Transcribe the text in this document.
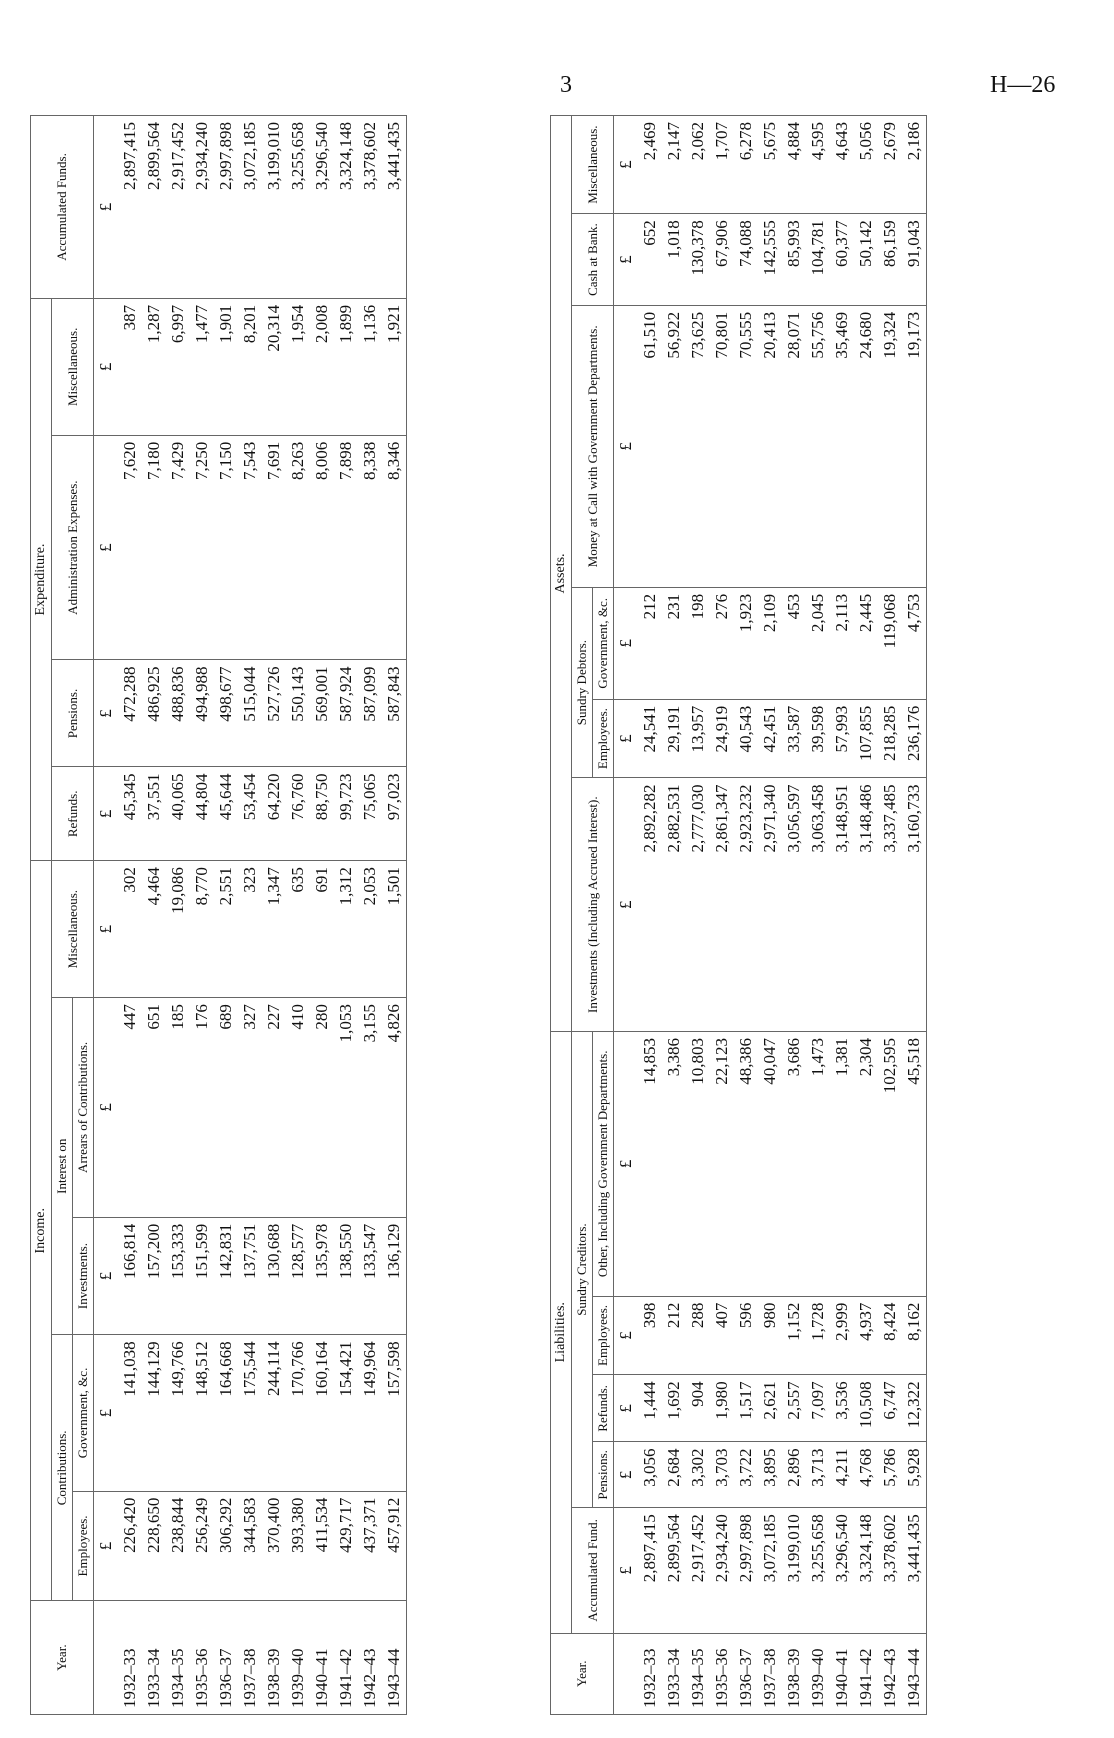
3	H—26
Year.	Income.					Expenditure.				Accumulated Funds.
	Contributions.		Interest on		Miscellaneous.	Refunds.	Pensions.	Administration Expenses.	Miscellaneous.	
	Employees.	Government, &c.	Investments.	Arrears of Contributions.						
	£	£	£	£	£	£	£	£	£	£
1932–33	226,420	141,038	166,814	447	302	45,345	472,288	7,620	387	2,897,415
1933–34	228,650	144,129	157,200	651	4,464	37,551	486,925	7,180	1,287	2,899,564
1934–35	238,844	149,766	153,333	185	19,086	40,065	488,836	7,429	6,997	2,917,452
1935–36	256,249	148,512	151,599	176	8,770	44,804	494,988	7,250	1,477	2,934,240
1936–37	306,292	164,668	142,831	689	2,551	45,644	498,677	7,150	1,901	2,997,898
1937–38	344,583	175,544	137,751	327	323	53,454	515,044	7,543	8,201	3,072,185
1938–39	370,400	244,114	130,688	227	1,347	64,220	527,726	7,691	20,314	3,199,010
1939–40	393,380	170,766	128,577	410	635	76,760	550,143	8,263	1,954	3,255,658
1940–41	411,534	160,164	135,978	280	691	88,750	569,001	8,006	2,008	3,296,540
1941–42	429,717	154,421	138,550	1,053	1,312	99,723	587,924	7,898	1,899	3,324,148
1942–43	437,371	149,964	133,547	3,155	2,053	75,065	587,099	8,338	1,136	3,378,602
1943–44	457,912	157,598	136,129	4,826	1,501	97,023	587,843	8,346	1,921	3,441,435
Year.	Liabilities.					Assets.					
	Accumulated Fund.	Sundry Creditors.				Investments (Including Accrued Interest).	Sundry Debtors.		Money at Call with Government Departments.	Cash at Bank.	Miscellaneous.
		Pensions.	Refunds.	Employees.	Other, Including Government Departments.		Employees.	Government, &c.			
	£	£	£	£	£	£	£	£	£	£	£
1932–33	2,897,415	3,056	1,444	398	14,853	2,892,282	24,541	212	61,510	652	2,469
1933–34	2,899,564	2,684	1,692	212	3,386	2,882,531	29,191	231	56,922	1,018	2,147
1934–35	2,917,452	3,302	904	288	10,803	2,777,030	13,957	198	73,625	130,378	2,062
1935–36	2,934,240	3,703	1,980	407	22,123	2,861,347	24,919	276	70,801	67,906	1,707
1936–37	2,997,898	3,722	1,517	596	48,386	2,923,232	40,543	1,923	70,555	74,088	6,278
1937–38	3,072,185	3,895	2,621	980	40,047	2,971,340	42,451	2,109	20,413	142,555	5,675
1938–39	3,199,010	2,896	2,557	1,152	3,686	3,056,597	33,587	453	28,071	85,993	4,884
1939–40	3,255,658	3,713	7,097	1,728	1,473	3,063,458	39,598	2,045	55,756	104,781	4,595
1940–41	3,296,540	4,211	3,536	2,999	1,381	3,148,951	57,993	2,113	35,469	60,377	4,643
1941–42	3,324,148	4,768	10,508	4,937	2,304	3,148,486	107,855	2,445	24,680	50,142	5,056
1942–43	3,378,602	5,786	6,747	8,424	102,595	3,337,485	218,285	119,068	19,324	86,159	2,679
1943–44	3,441,435	5,928	12,322	8,162	45,518	3,160,733	236,176	4,753	19,173	91,043	2,186
